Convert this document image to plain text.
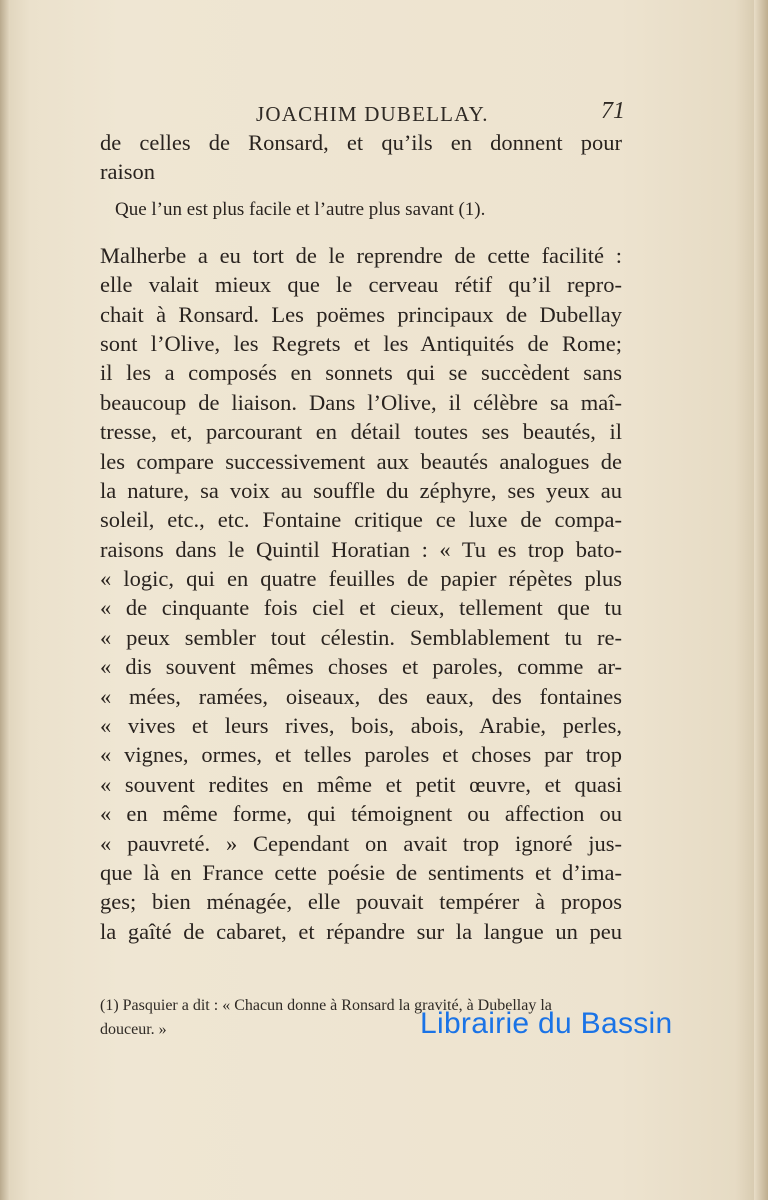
JOACHIM DUBELLAY.	71
de celles de Ronsard, et qu’ils en donnent pour
raison
Que l’un est plus facile et l’autre plus savant (1).
Malherbe a eu tort de le reprendre de cette facilité :
elle valait mieux que le cerveau rétif qu’il repro-
chait à Ronsard. Les poëmes principaux de Dubellay
sont l’Olive, les Regrets et les Antiquités de Rome;
il les a composés en sonnets qui se succèdent sans
beaucoup de liaison. Dans l’Olive, il célèbre sa maî-
tresse, et, parcourant en détail toutes ses beautés, il
les compare successivement aux beautés analogues de
la nature, sa voix au souffle du zéphyre, ses yeux au
soleil, etc., etc. Fontaine critique ce luxe de compa-
raisons dans le Quintil Horatian : « Tu es trop bato-
« logic, qui en quatre feuilles de papier répètes plus
« de cinquante fois ciel et cieux, tellement que tu
« peux sembler tout célestin. Semblablement tu re-
« dis souvent mêmes choses et paroles, comme ar-
« mées, ramées, oiseaux, des eaux, des fontaines
« vives et leurs rives, bois, abois, Arabie, perles,
« vignes, ormes, et telles paroles et choses par trop
« souvent redites en même et petit œuvre, et quasi
« en même forme, qui témoignent ou affection ou
« pauvreté. » Cependant on avait trop ignoré jus-
que là en France cette poésie de sentiments et d’ima-
ges; bien ménagée, elle pouvait tempérer à propos
la gaîté de cabaret, et répandre sur la langue un peu
(1) Pasquier a dit : « Chacun donne à Ronsard la gravité, à Dubellay la
douceur. »	Librairie du Bassin
